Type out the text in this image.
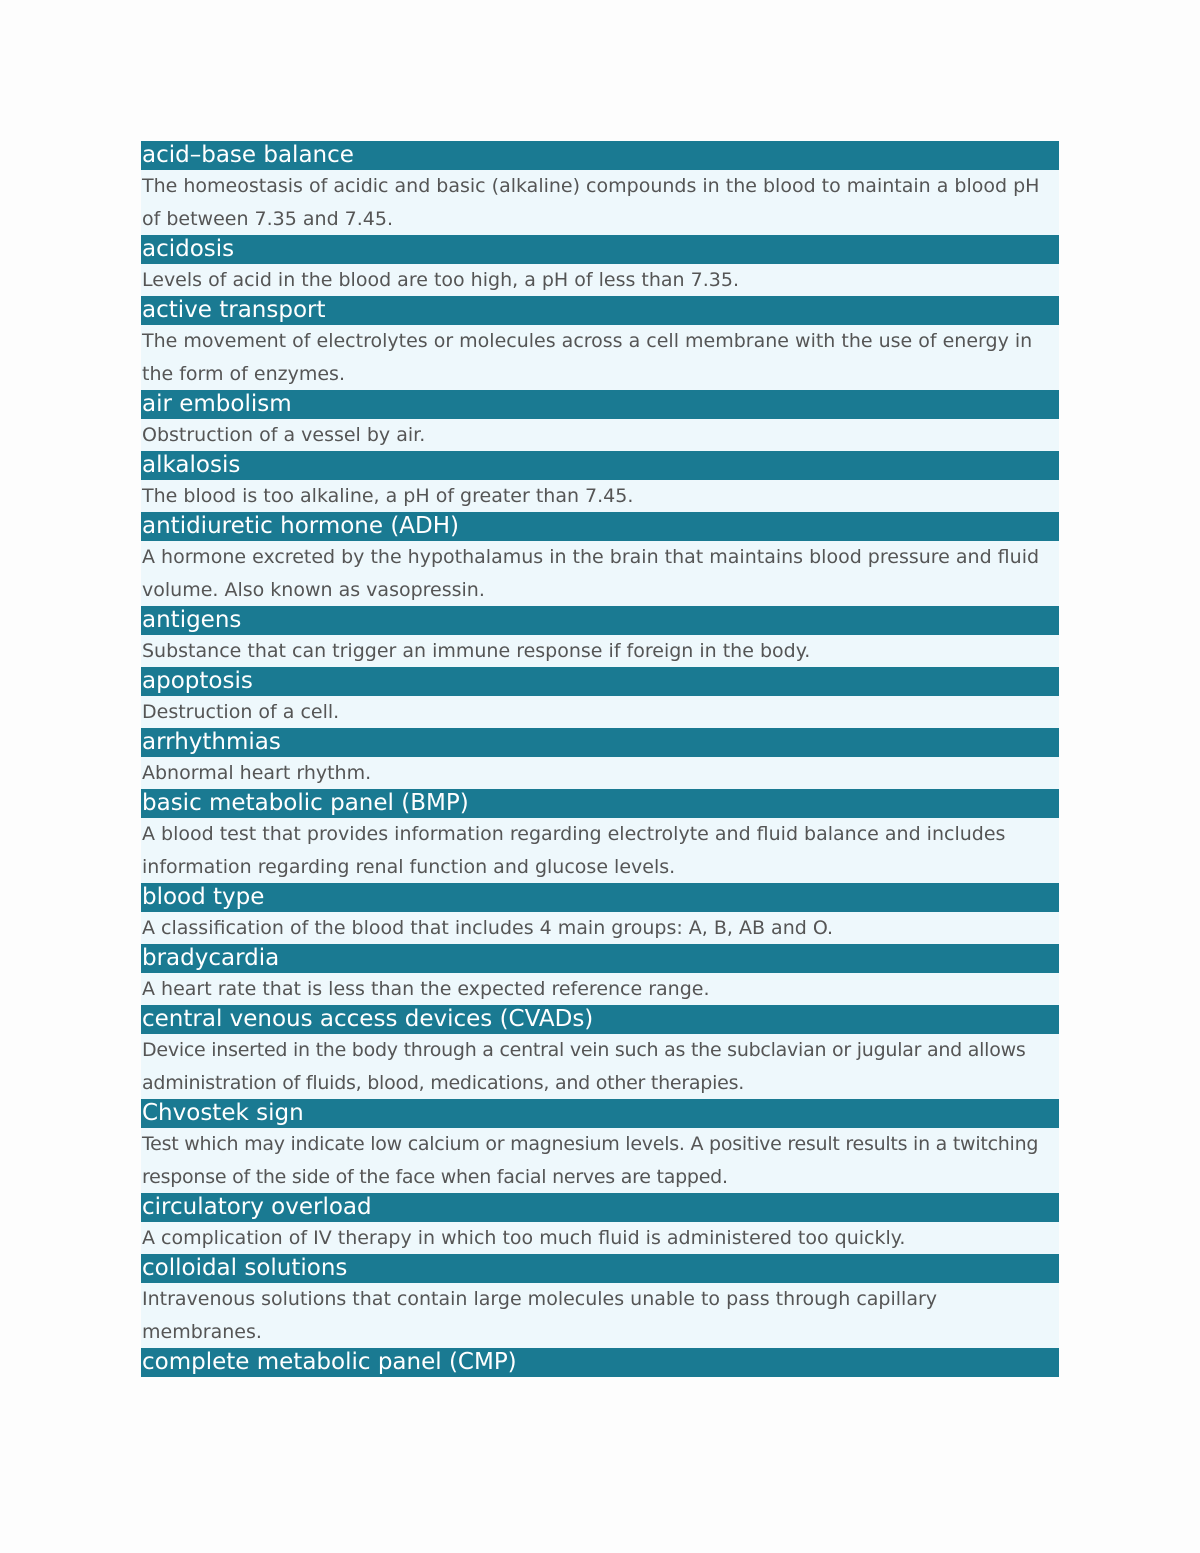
acid–base balance
The homeostasis of acidic and basic (alkaline) compounds in the blood to maintain a blood pH of between 7.35 and 7.45.
acidosis
Levels of acid in the blood are too high, a pH of less than 7.35.
active transport
The movement of electrolytes or molecules across a cell membrane with the use of energy in the form of enzymes.
air embolism
Obstruction of a vessel by air.
alkalosis
The blood is too alkaline, a pH of greater than 7.45.
antidiuretic hormone (ADH)
A hormone excreted by the hypothalamus in the brain that maintains blood pressure and fluid volume. Also known as vasopressin.
antigens
Substance that can trigger an immune response if foreign in the body.
apoptosis
Destruction of a cell.
arrhythmias
Abnormal heart rhythm.
basic metabolic panel (BMP)
A blood test that provides information regarding electrolyte and fluid balance and includes information regarding renal function and glucose levels.
blood type
A classification of the blood that includes 4 main groups: A, B, AB and O.
bradycardia
A heart rate that is less than the expected reference range.
central venous access devices (CVADs)
Device inserted in the body through a central vein such as the subclavian or jugular and allows administration of fluids, blood, medications, and other therapies.
Chvostek sign
Test which may indicate low calcium or magnesium levels. A positive result results in a twitching response of the side of the face when facial nerves are tapped.
circulatory overload
A complication of IV therapy in which too much fluid is administered too quickly.
colloidal solutions
Intravenous solutions that contain large molecules unable to pass through capillary membranes.
complete metabolic panel (CMP)
